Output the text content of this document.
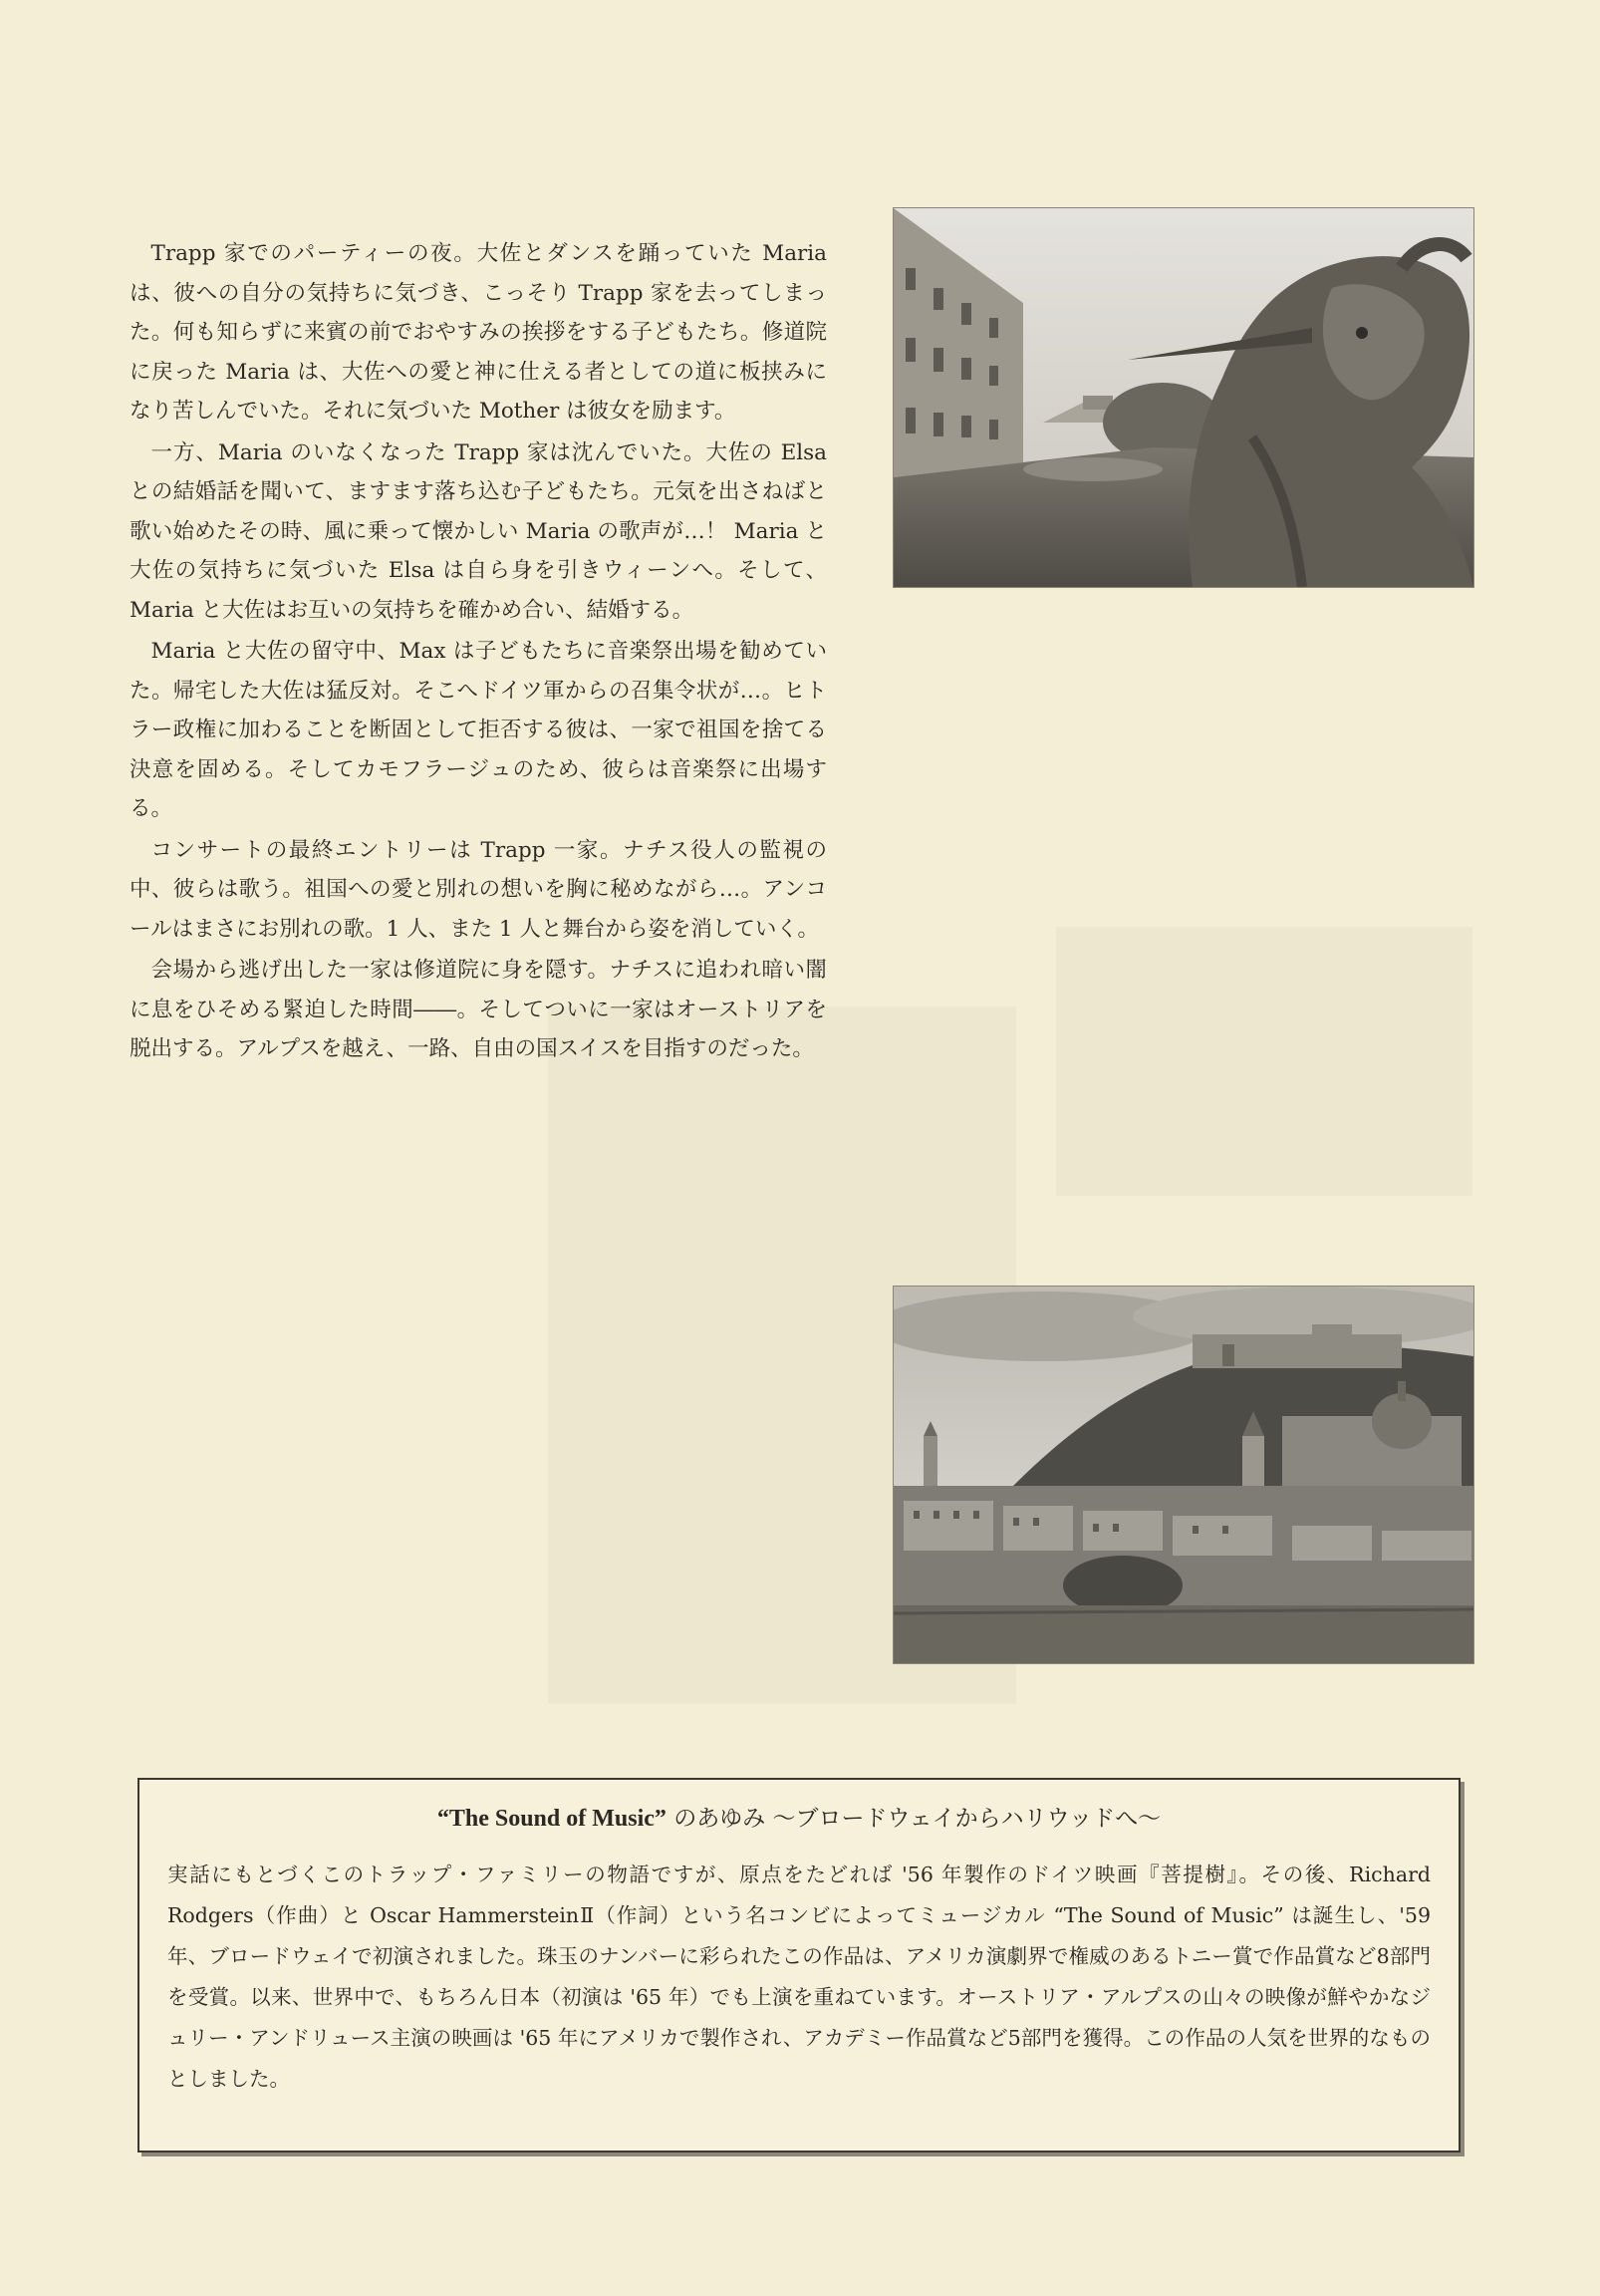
Trapp 家でのパーティーの夜。大佐とダンスを踊っていた Maria は、彼への自分の気持ちに気づき、こっそり Trapp 家を去ってしまった。何も知らずに来賓の前でおやすみの挨拶をする子どもたち。修道院に戻った Maria は、大佐への愛と神に仕える者としての道に板挟みになり苦しんでいた。それに気づいた Mother は彼女を励ます。

一方、Maria のいなくなった Trapp 家は沈んでいた。大佐の Elsa との結婚話を聞いて、ますます落ち込む子どもたち。元気を出さねばと歌い始めたその時、風に乗って懐かしい Maria の歌声が…！ Maria と大佐の気持ちに気づいた Elsa は自ら身を引きウィーンへ。そして、Maria と大佐はお互いの気持ちを確かめ合い、結婚する。

Maria と大佐の留守中、Max は子どもたちに音楽祭出場を勧めていた。帰宅した大佐は猛反対。そこへドイツ軍からの召集令状が…。ヒトラー政権に加わることを断固として拒否する彼は、一家で祖国を捨てる決意を固める。そしてカモフラージュのため、彼らは音楽祭に出場する。

コンサートの最終エントリーは Trapp 一家。ナチス役人の監視の中、彼らは歌う。祖国への愛と別れの想いを胸に秘めながら…。アンコールはまさにお別れの歌。1 人、また 1 人と舞台から姿を消していく。

会場から逃げ出した一家は修道院に身を隠す。ナチスに追われ暗い闇に息をひそめる緊迫した時間――。そしてついに一家はオーストリアを脱出する。アルプスを越え、一路、自由の国スイスを目指すのだった。

“The Sound of Music” のあゆみ ～ブロードウェイからハリウッドへ～

実話にもとづくこのトラップ・ファミリーの物語ですが、原点をたどれば '56 年製作のドイツ映画『菩提樹』。その後、Richard Rodgers（作曲）と Oscar HammersteinⅡ（作詞）という名コンビによってミュージカル “The Sound of Music” は誕生し、'59 年、ブロードウェイで初演されました。珠玉のナンバーに彩られたこの作品は、アメリカ演劇界で権威のあるトニー賞で作品賞など8部門を受賞。以来、世界中で、もちろん日本（初演は '65 年）でも上演を重ねています。オーストリア・アルプスの山々の映像が鮮やかなジュリー・アンドリュース主演の映画は '65 年にアメリカで製作され、アカデミー作品賞など5部門を獲得。この作品の人気を世界的なものとしました。
